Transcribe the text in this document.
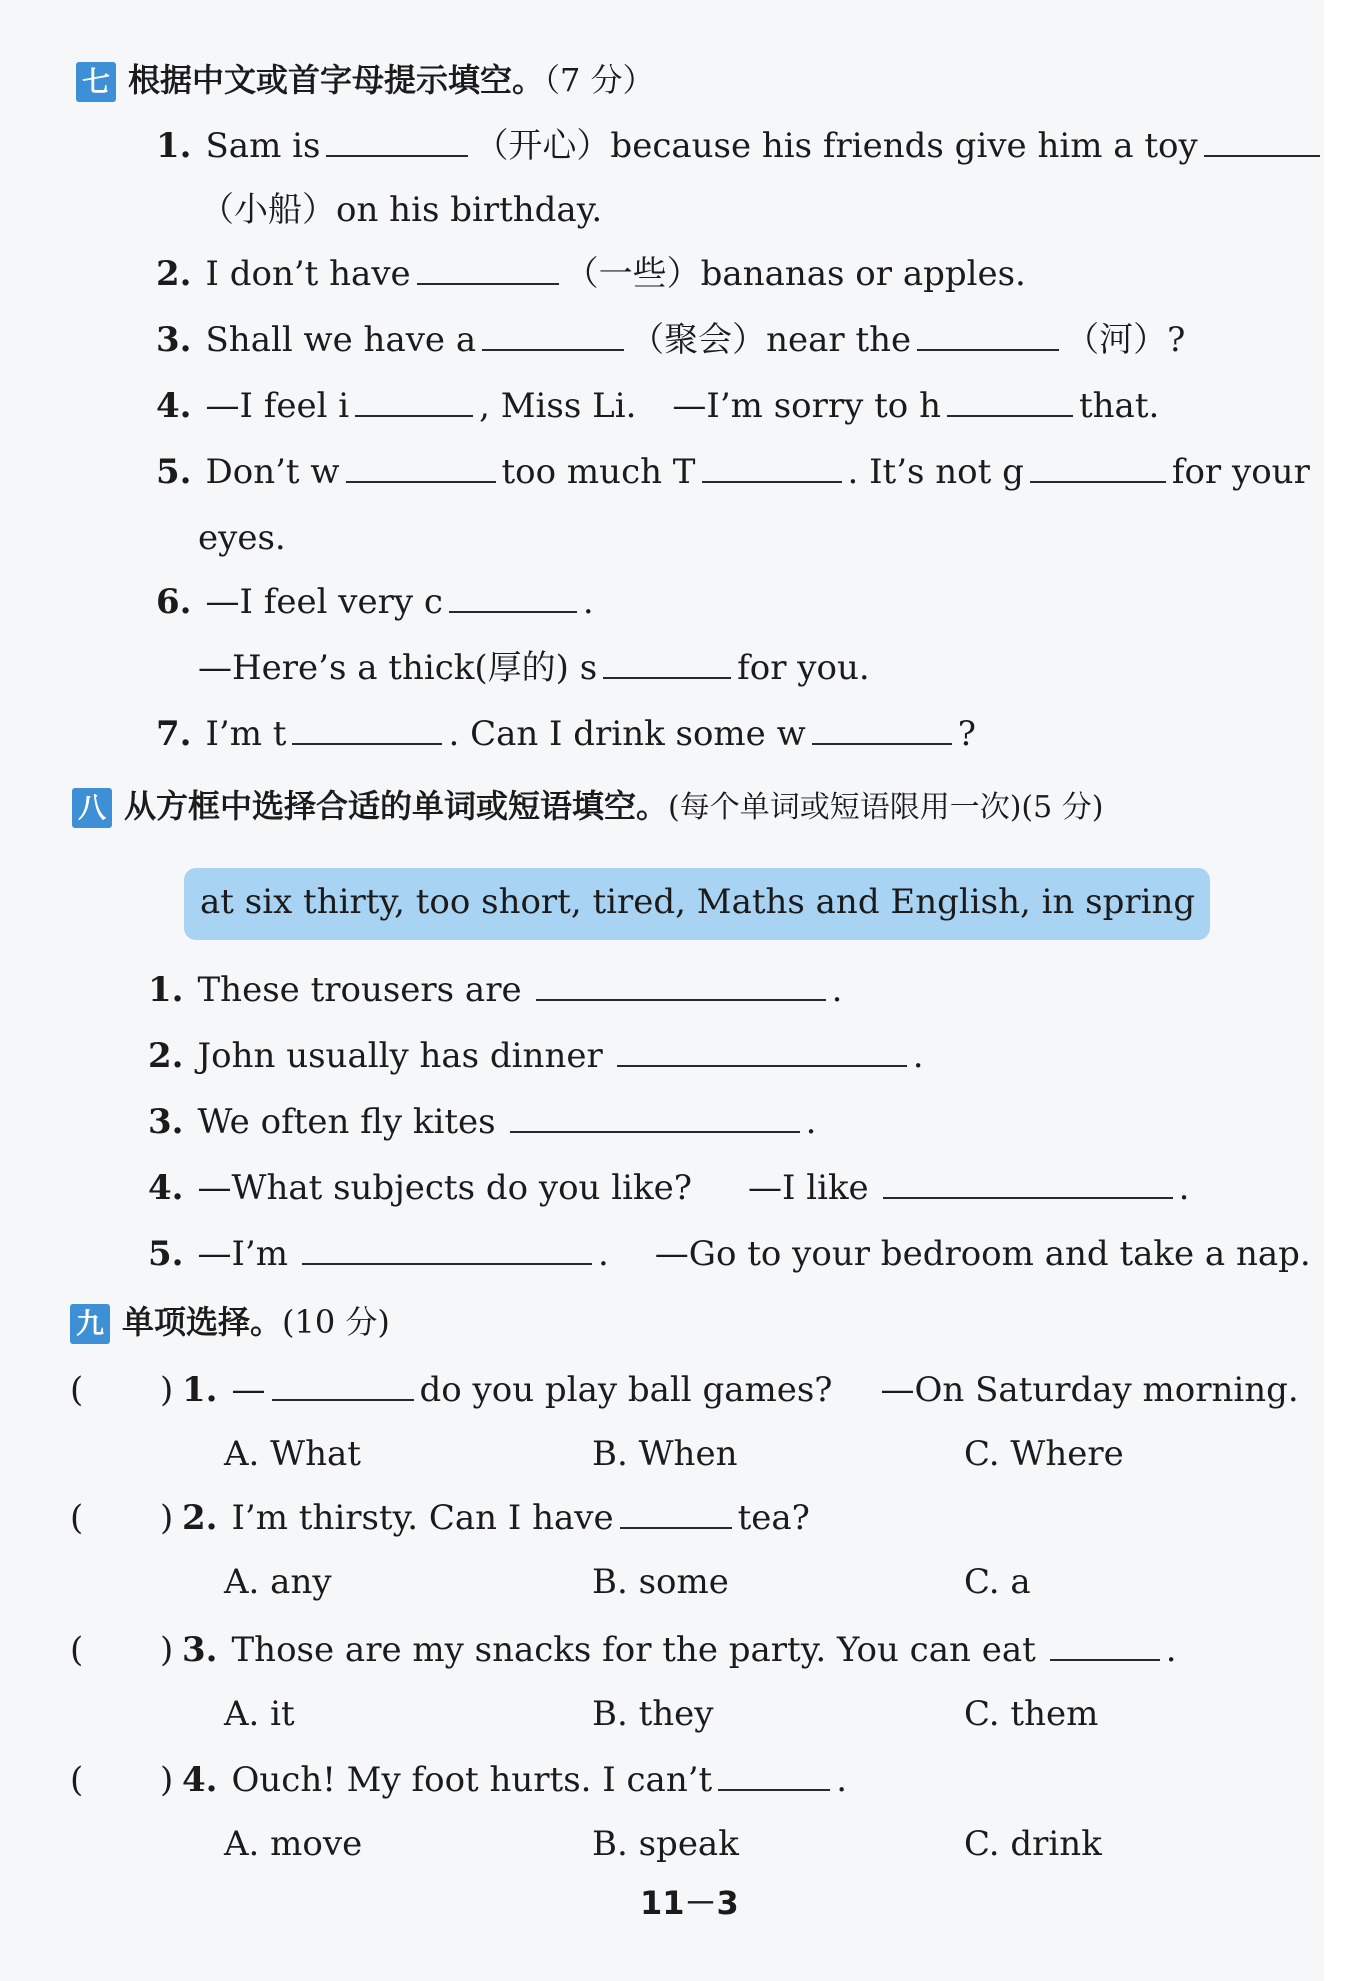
七 根据中文或首字母提示填空。（7 分）
1. Sam is	（开心）because his friends give him a toy
（小船）on his birthday.
2. I don’t have	（一些）bananas or apples.
3. Shall we have a	（聚会）near the	（河）?
4. —I feel i	, Miss Li. —I’m sorry to h	that.
5. Don’t w	too much T	. It’s not g	for your
eyes.
6. —I feel very c	.
—Here’s a thick(厚的) s	for you.
7. I’m t	. Can I drink some w	?
八 从方框中选择合适的单词或短语填空。(每个单词或短语限用一次)(5 分)
at six thirty, too short, tired, Maths and English, in spring
1. These trousers are	.
2. John usually has dinner	.
3. We often fly kites	.
4. —What subjects do you like? —I like	.
5. —I’m	. —Go to your bedroom and take a nap.
九 单项选择。(10 分)
( ) 1. —	do you play ball games? —On Saturday morning.
A. What	B. When	C. Where
( ) 2. I’m thirsty. Can I have	tea?
A. any	B. some	C. a
( ) 3. Those are my snacks for the party. You can eat	.
A. it	B. they	C. them
( ) 4. Ouch! My foot hurts. I can’t	.
A. move	B. speak	C. drink
11－3
